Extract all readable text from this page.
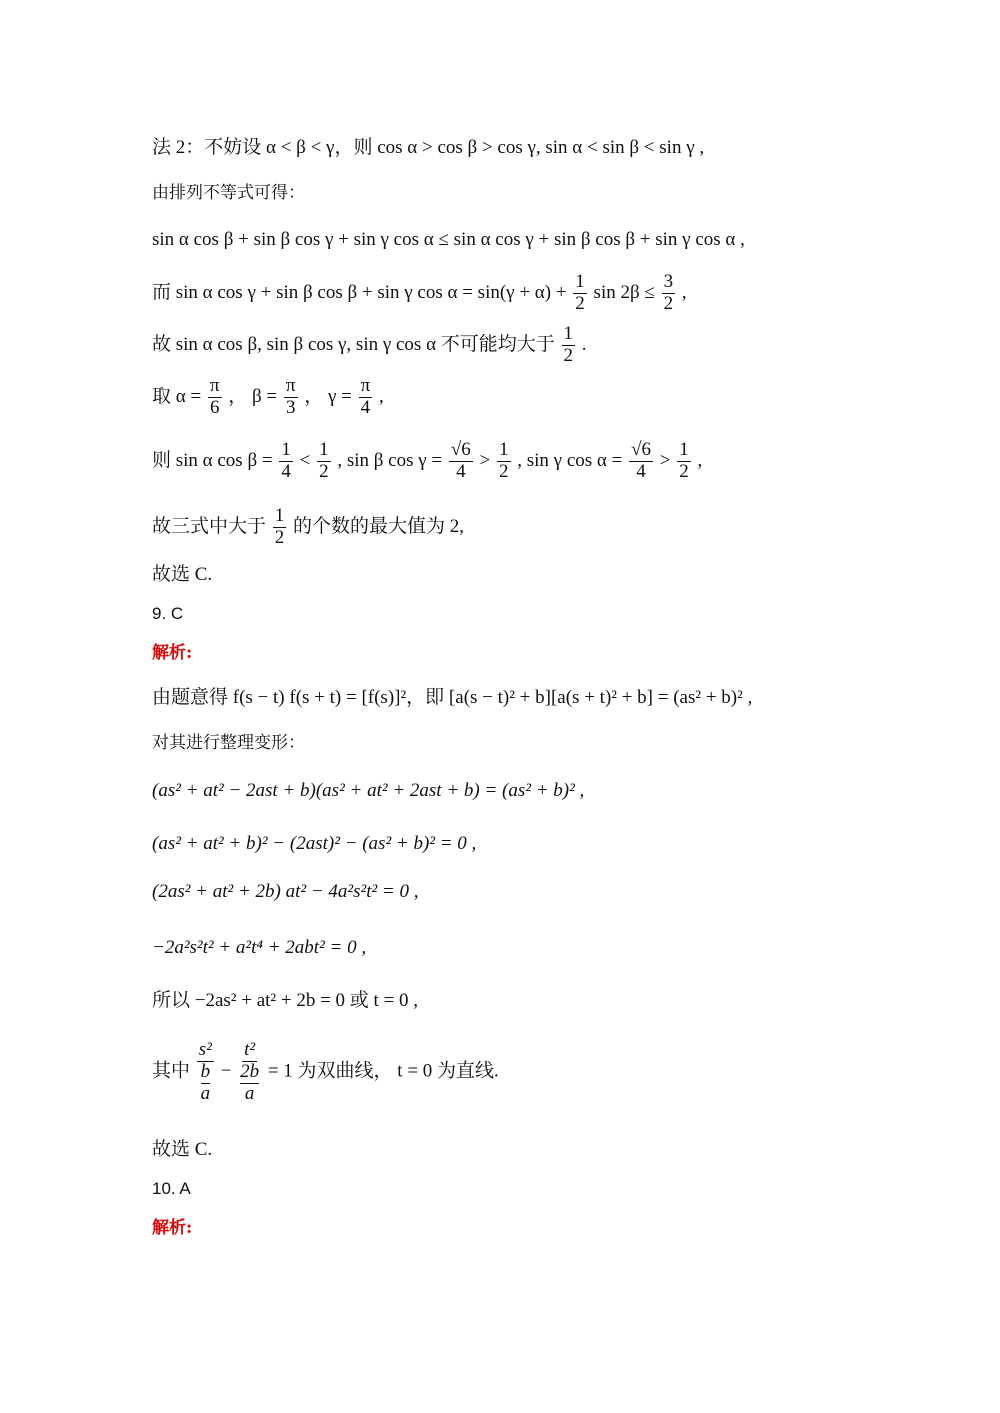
法 2：不妨设 α < β < γ，则 cos α > cos β > cos γ, sin α < sin β < sin γ ,
由排列不等式可得：
sin α cos β + sin β cos γ + sin γ cos α ≤ sin α cos γ + sin β cos β + sin γ cos α ,
而 sin α cos γ + sin β cos β + sin γ $\cos \alpha = \sin(\gamma + \alpha) + \frac{1}{2}$ $\sin 2\beta \le \frac{3}{2}$ ,
故 sin α cos β, sin β cos γ, sin γ cos α 不可能均大于 $\frac{1}{2}$ .
取 $\alpha = \frac{\pi}{6}$ ， $\beta = \frac{\pi}{3}$ ， $\gamma = \frac{\pi}{4}$ ,
则 sin α $\cos \beta = \frac{1}{4} < \frac{1}{2}$ , sin β $\cos \gamma = \frac{√6}{4} > \frac{1}{2}$ , sin γ $\cos \alpha = \frac{√6}{4} > \frac{1}{2}$ ,
故三式中大于 $\frac{1}{2}$ 的个数的最大值为 2,
故选 C.
9. C
解析:
由题意得 f(s − t) f(s + t) = [f(s)]²，即 [a(s − t)² + b][a(s + t)² + b] = (as² + b)² ,
对其进行整理变形：
(as² + at² − 2ast + b)(as² + at² + 2ast + b) = (as² + b)² ,
(as² + at² + b)² − (2ast)² − (as² + b)² = 0 ,
(2as² + at² + 2b) at² − 4a²s²t² = 0 ,
−2a²s²t² + a²t⁴ + 2abt² = 0 ,
所以 −2as² + at² + 2b = 0 或 t = 0 ,
其中 s²
b
a − t²
2b
a = 1 为双曲线， t = 0 为直线.
故选 C.
10. A
解析:
